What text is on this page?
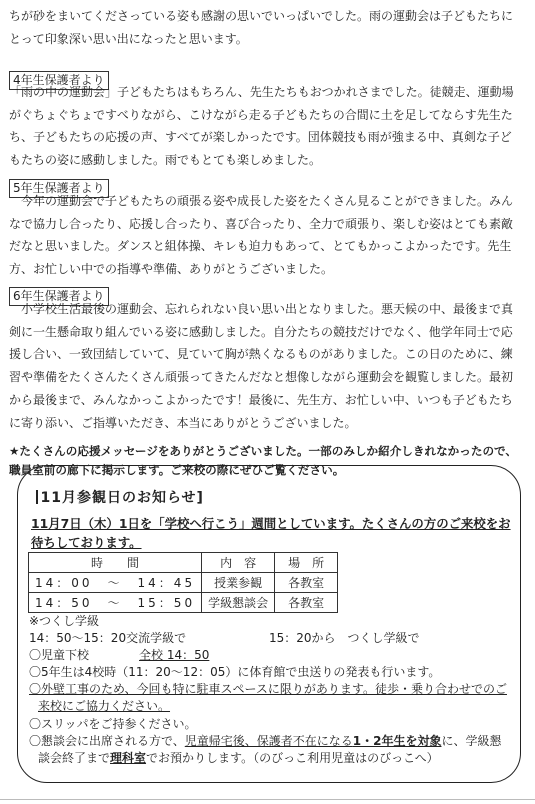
ちが砂をまいてくださっている姿も感謝の思いでいっぱいでした。雨の運動会は子どもたちにとって印象深い思い出になったと思います。

4年生保護者より

「雨の中の運動会」子どもたちはもちろん、先生たちもおつかれさまでした。徒競走、運動場がぐちょぐちょですべりながら、こけながら走る子どもたちの合間に土を足してならす先生たち、子どもたちの応援の声、すべてが楽しかったです。団体競技も雨が強まる中、真剣な子どもたちの姿に感動しました。雨でもとても楽しめました。

5年生保護者より

　今年の運動会で子どもたちの頑張る姿や成長した姿をたくさん見ることができました。みんなで協力し合ったり、応援し合ったり、喜び合ったり、全力で頑張り、楽しむ姿はとても素敵だなと思いました。ダンスと組体操、キレも迫力もあって、とてもかっこよかったです。先生方、お忙しい中での指導や準備、ありがとうございました。

6年生保護者より

　小学校生活最後の運動会、忘れられない良い思い出となりました。悪天候の中、最後まで真剣に一生懸命取り組んでいる姿に感動しました。自分たちの競技だけでなく、他学年同士で応援し合い、一致団結していて、見ていて胸が熱くなるものがありました。この日のために、練習や準備をたくさんたくさん頑張ってきたんだなと想像しながら運動会を観覧しました。最初から最後まで、みんなかっこよかったです！最後に、先生方、お忙しい中、いつも子どもたちに寄り添い、ご指導いただき、本当にありがとうございました。

★たくさんの応援メッセージをありがとうございました。一部のみしか紹介しきれなかったので、職員室前の廊下に掲示します。ご来校の際にぜひご覧ください。

11月参観日のお知らせ]
11月7日（木）1日を「学校へ行こう」週間としています。たくさんの方のご来校をお待ちしております。
時　　間	内　容	場　所
14：00　～　14：45	授業参観	各教室
14：50　～　15：50	学級懇談会	各教室
※つくし学級
14：50～15：20交流学級で	15：20から　つくし学級で
〇児童下校	全校 14：50
〇5年生は4校時（11：20～12：05）に体育館で虫送りの発表も行います。
〇外壁工事のため、今回も特に駐車スペースに限りがあります。徒歩・乗り合わせでのご
来校にご協力ください。
〇スリッパをご持参ください。
〇懇談会に出席される方で、児童帰宅後、保護者不在になる1・2年生を対象に、学級懇
談会終了まで理科室でお預かりします。（のびっこ利用児童はのびっこへ）
